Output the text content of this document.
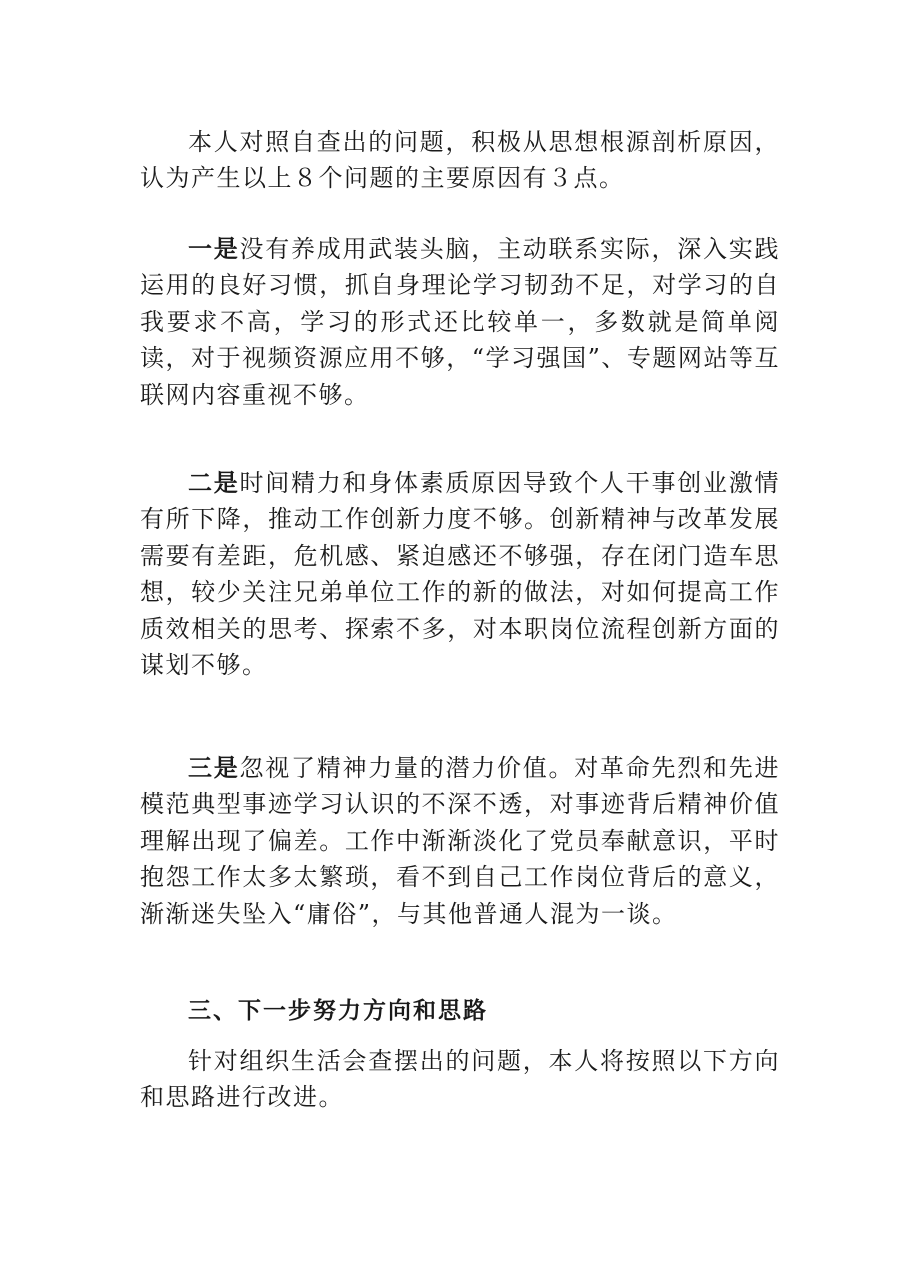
本人对照自查出的问题，积极从思想根源剖析原因，认为产生以上８个问题的主要原因有３点。

一是没有养成用武装头脑，主动联系实际，深入实践运用的良好习惯，抓自身理论学习韧劲不足，对学习的自我要求不高，学习的形式还比较单一，多数就是简单阅读，对于视频资源应用不够，“学习强国”、专题网站等互联网内容重视不够。

二是时间精力和身体素质原因导致个人干事创业激情有所下降，推动工作创新力度不够。创新精神与改革发展需要有差距，危机感、紧迫感还不够强，存在闭门造车思想，较少关注兄弟单位工作的新的做法，对如何提高工作质效相关的思考、探索不多，对本职岗位流程创新方面的谋划不够。

三是忽视了精神力量的潜力价值。对革命先烈和先进模范典型事迹学习认识的不深不透，对事迹背后精神价值理解出现了偏差。工作中渐渐淡化了党员奉献意识，平时抱怨工作太多太繁琐，看不到自己工作岗位背后的意义，渐渐迷失坠入“庸俗”，与其他普通人混为一谈。

三、下一步努力方向和思路

针对组织生活会查摆出的问题，本人将按照以下方向和思路进行改进。
